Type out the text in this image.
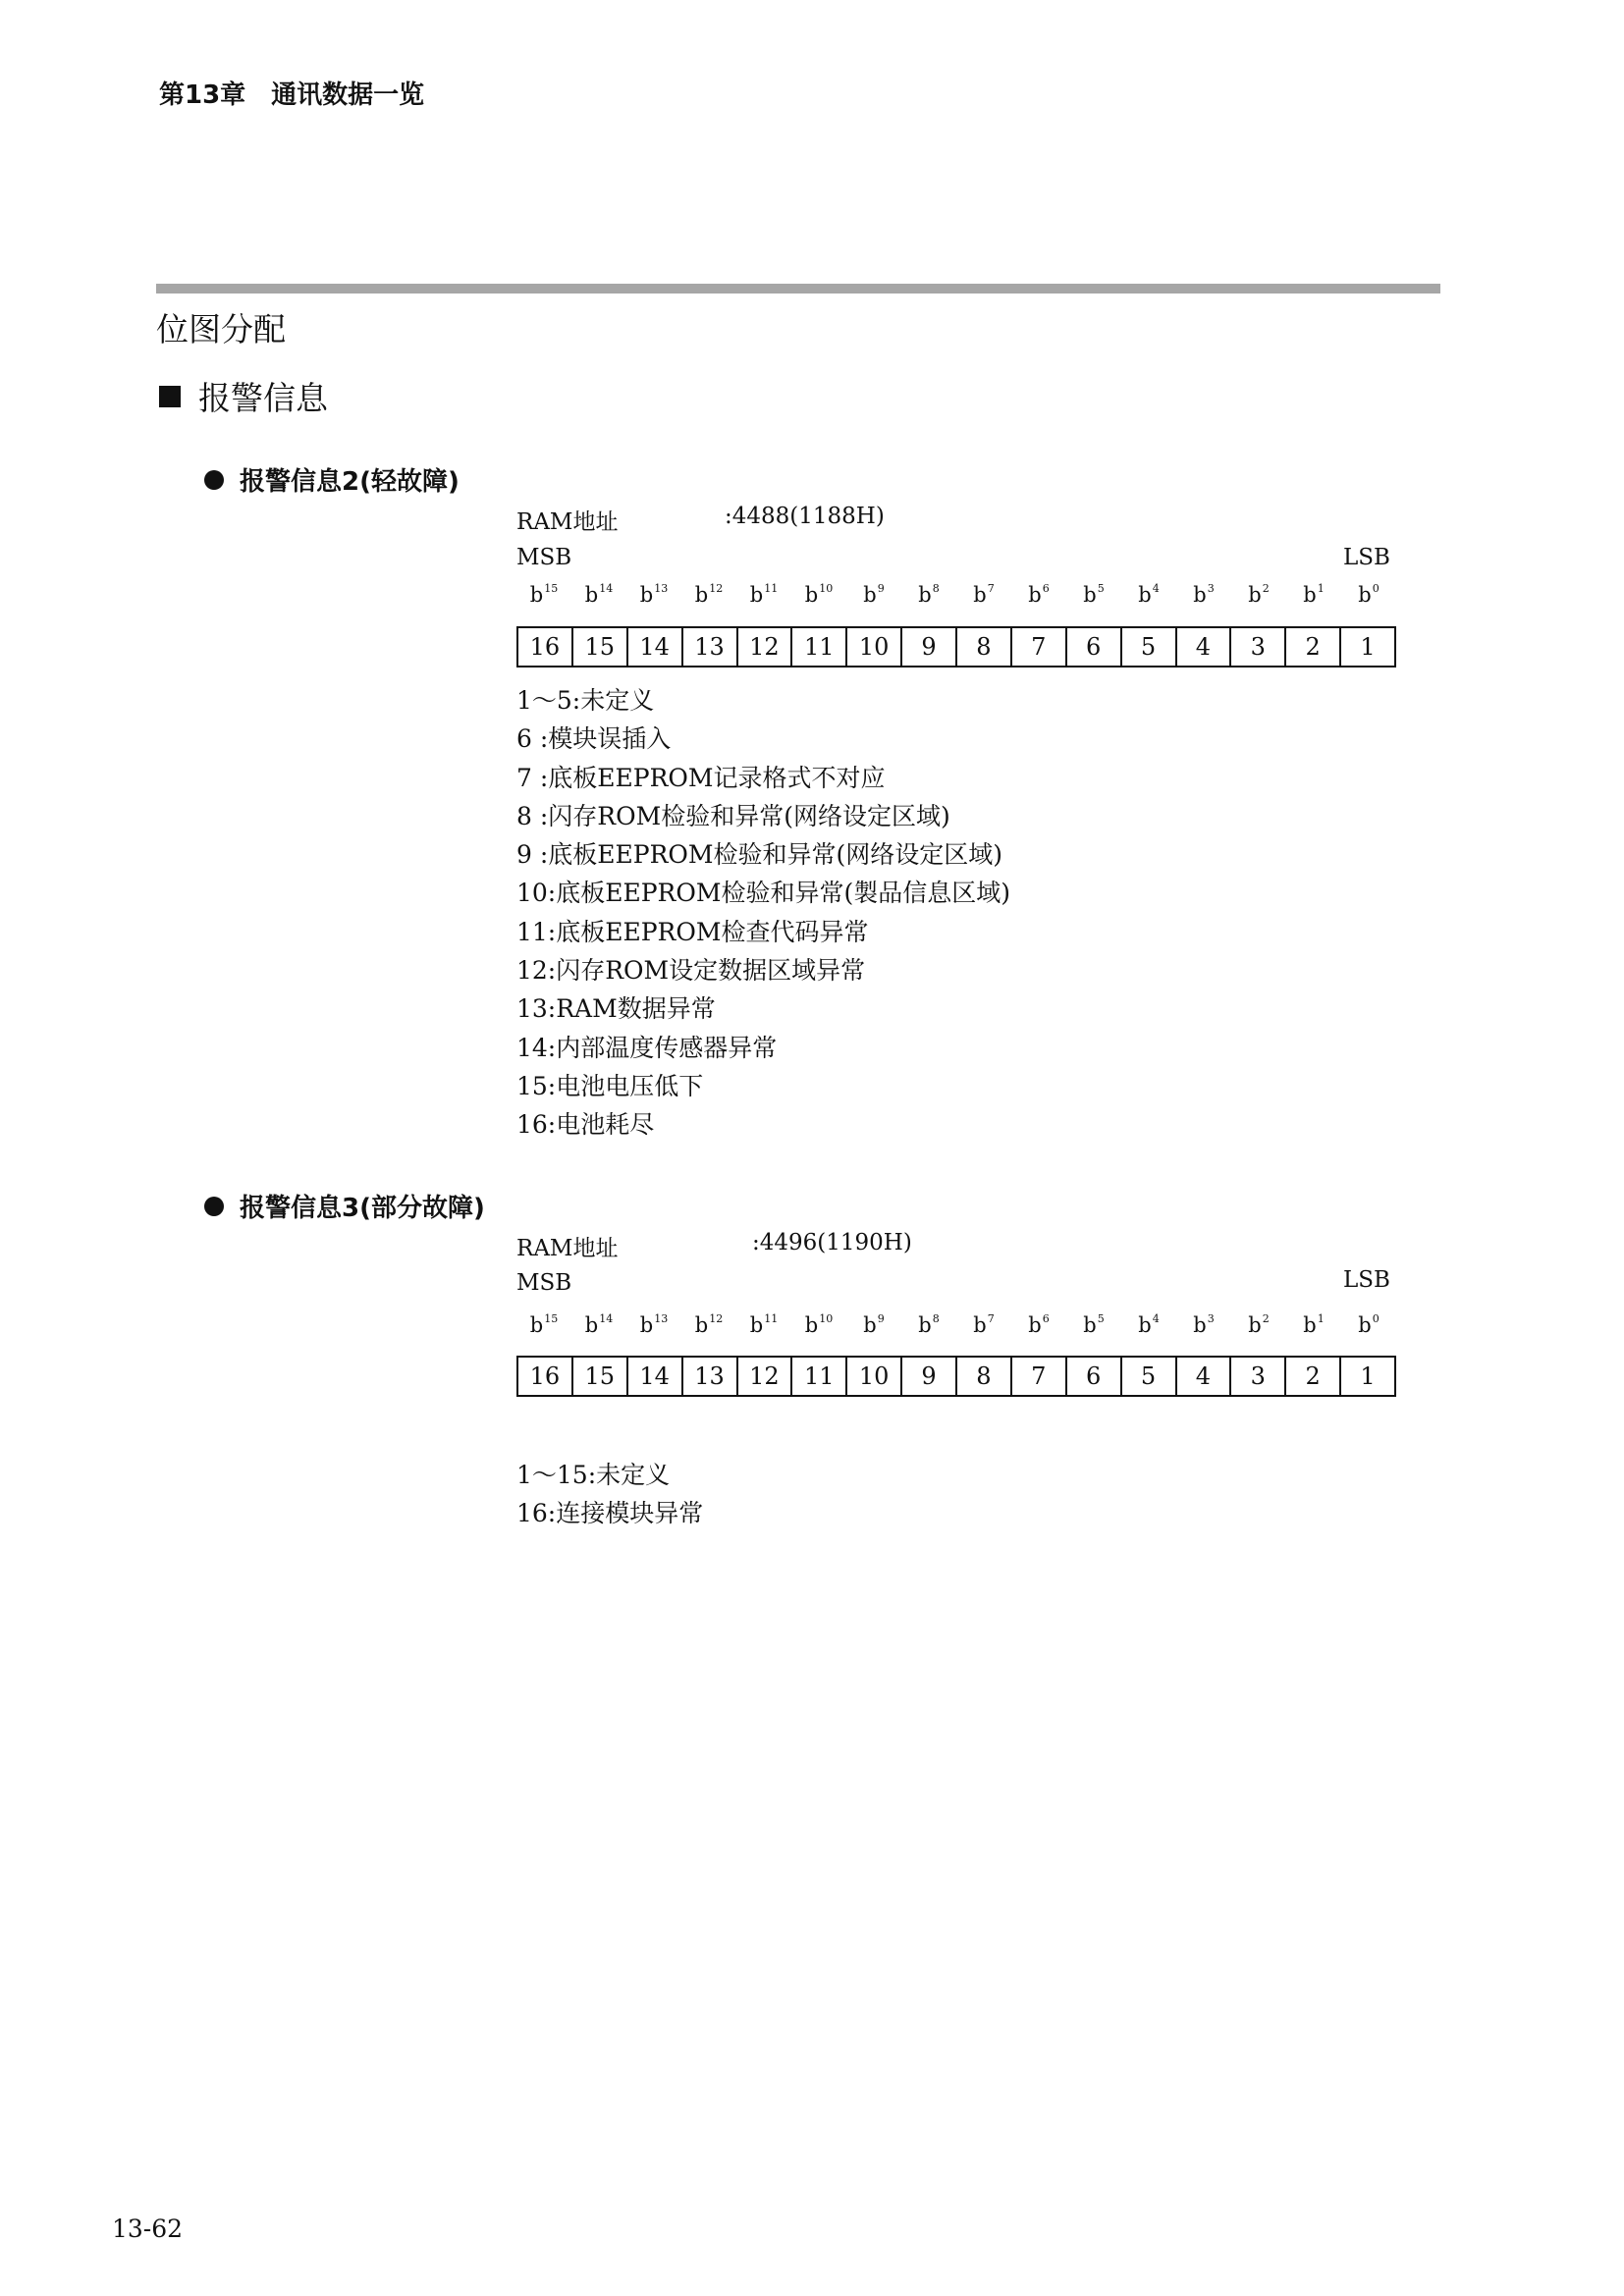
第13章　通讯数据一览
位图分配
报警信息
报警信息2(轻故障)
RAM地址	:4488(1188H)
MSB	LSB
$b^{15}$	$b^{14}$	$b^{13}$	$b^{12}$	$b^{11}$	$b^{10}$	$b^9$	$b^8$	$b^7$	$b^6$	$b^5$	$b^4$	$b^3$	$b^2$	$b^1$	$b^0$
16	15	14	13	12	11	10	9	8	7	6	5	4	3	2	1
1～5:未定义
6 :模块误插入
7 :底板EEPROM记录格式不对应
8 :闪存ROM检验和异常(网络设定区域)
9 :底板EEPROM检验和异常(网络设定区域)
10:底板EEPROM检验和异常(製品信息区域)
11:底板EEPROM检查代码异常
12:闪存ROM设定数据区域异常
13:RAM数据异常
14:内部温度传感器异常
15:电池电压低下
16:电池耗尽
报警信息3(部分故障)
RAM地址	:4496(1190H)
MSB	LSB
$b^{15}$	$b^{14}$	$b^{13}$	$b^{12}$	$b^{11}$	$b^{10}$	$b^9$	$b^8$	$b^7$	$b^6$	$b^5$	$b^4$	$b^3$	$b^2$	$b^1$	$b^0$
16	15	14	13	12	11	10	9	8	7	6	5	4	3	2	1
1～15:未定义
16:连接模块异常
13-62
